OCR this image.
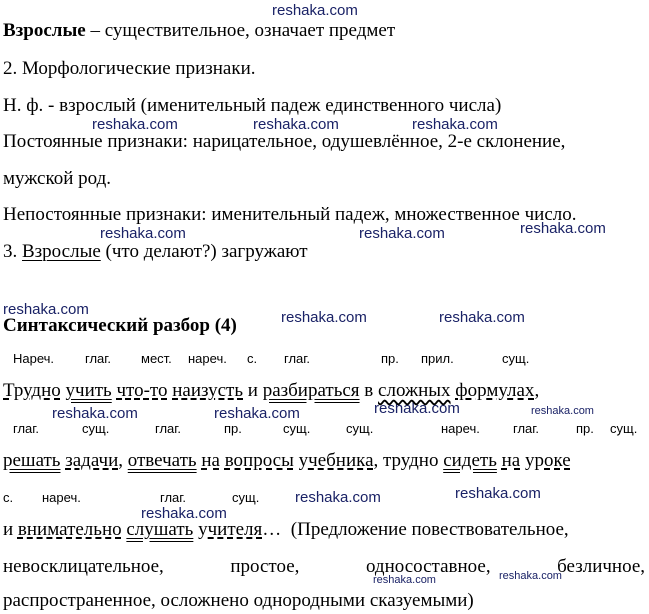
reshaka.com
reshaka.com	reshaka.com	reshaka.com
reshaka.com	reshaka.com	reshaka.com
reshaka.com	reshaka.com	reshaka.com
reshaka.com	reshaka.com	reshaka.com	reshaka.com
reshaka.com	reshaka.com
reshaka.com
reshaka.com	reshaka.com
Взрослые – существительное, означает предмет
2. Морфологические признаки.
Н. ф. - взрослый (именительный падеж единственного числа)
Постоянные признаки: нарицательное, одушевлённое, 2-е склонение,
мужской род.
Непостоянные признаки: именительный падеж, множественное число.
3. Взрослые (что делают?) загружают
Синтаксический разбор (4)
Нареч. глаг. мест. нареч. с. глаг.	пр. прил.	сущ.
Трудно учить что-то наизусть и разбираться в сложных формулах,
глаг.	сущ.	глаг.	пр.	сущ.	сущ.	нареч.	глаг.	пр. сущ.
решать задачи, отвечать на вопросы учебника, трудно сидеть на уроке
с. нареч.	глаг.	сущ.
и внимательно слушать учителя… (Предложение повествовательное,
невосклицательное,	простое,	односоставное,	безличное,
распространенное, осложнено однородными сказуемыми)
